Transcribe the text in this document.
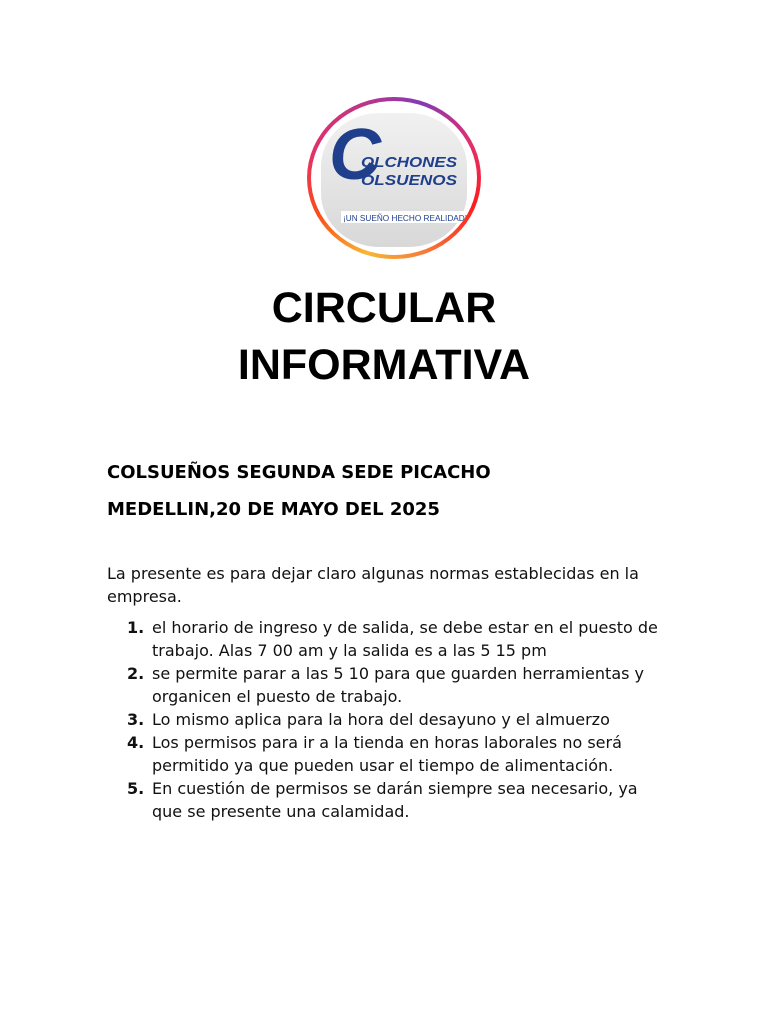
C
OLCHONES
OLSUENOS
¡UN SUEÑO HECHO REALIDAD!
CIRCULAR
INFORMATIVA
COLSUEÑOS SEGUNDA SEDE PICACHO
MEDELLIN,20 DE MAYO DEL 2025

La presente es para dejar claro algunas normas establecidas en la empresa.

1. el horario de ingreso y de salida, se debe estar en el puesto de trabajo. Alas 7 00 am y la salida es a las 5 15 pm
2. se permite parar a las 5 10 para que guarden herramientas y organicen el puesto de trabajo.
3. Lo mismo aplica para la hora del desayuno y el almuerzo
4. Los permisos para ir a la tienda en horas laborales no será permitido ya que pueden usar el tiempo de alimentación.
5. En cuestión de permisos se darán siempre sea necesario, ya que se presente una calamidad.
